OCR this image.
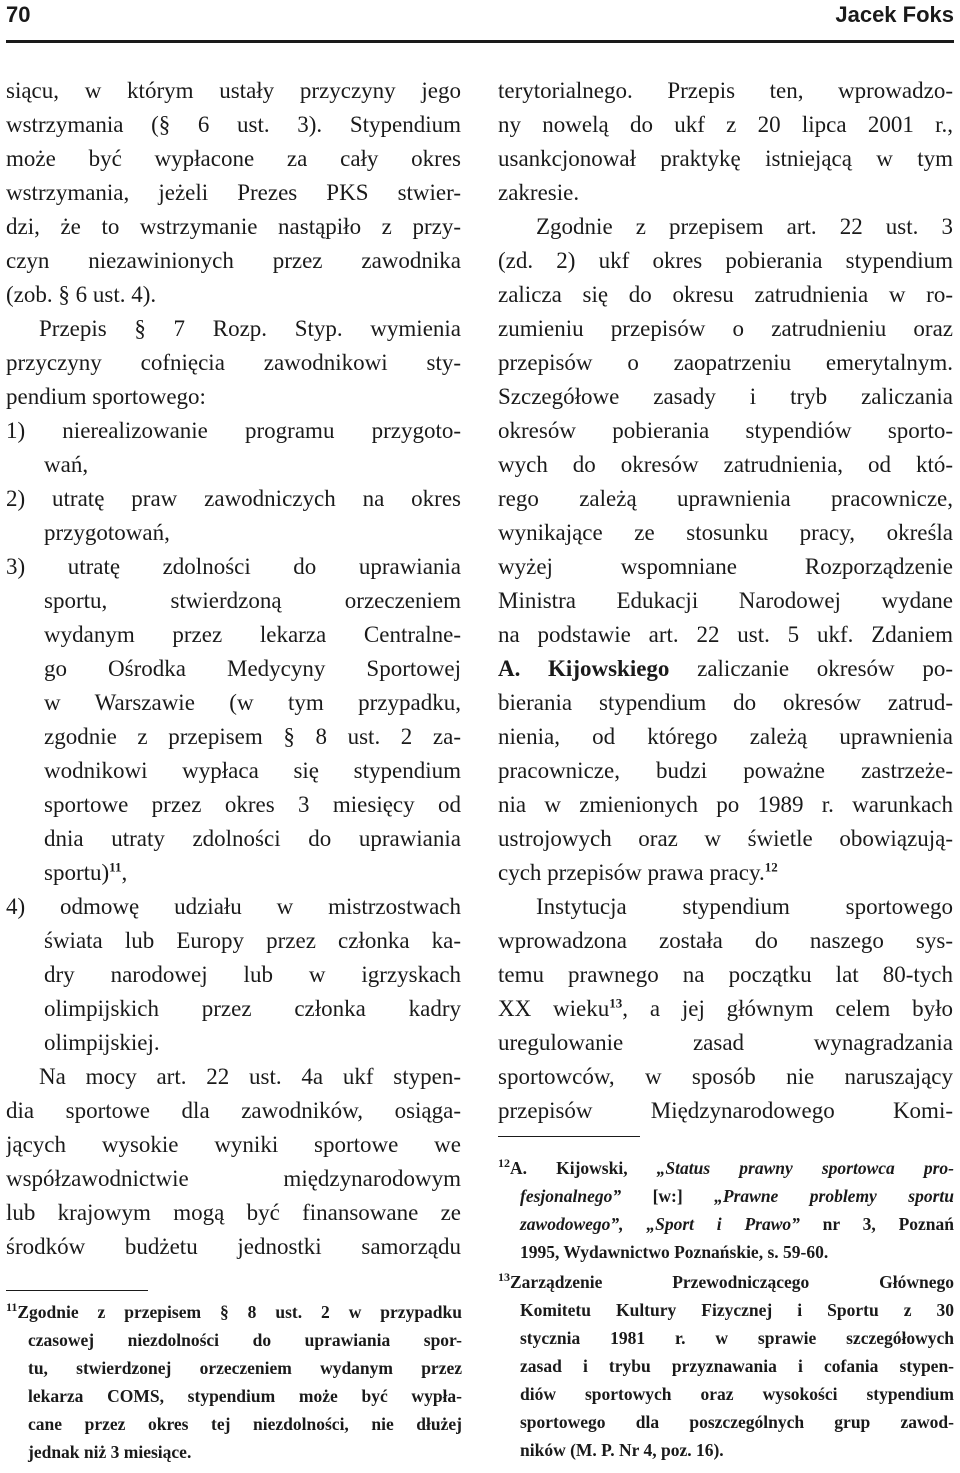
70	Jacek Foks
siącu, w którym ustały przyczyny jego
wstrzymania (§ 6 ust. 3). Stypendium
może być wypłacone za cały okres
wstrzymania, jeżeli Prezes PKS stwier-
dzi, że to wstrzymanie nastąpiło z przy-
czyn niezawinionych przez zawodnika
(zob. § 6 ust. 4).
Przepis § 7 Rozp. Styp. wymienia
przyczyny cofnięcia zawodnikowi sty-
pendium sportowego:
1) nierealizowanie programu przygoto-
wań,
2) utratę praw zawodniczych na okres
przygotowań,
3) utratę zdolności do uprawiania
sportu, stwierdzoną orzeczeniem
wydanym przez lekarza Centralne-
go Ośrodka Medycyny Sportowej
w Warszawie (w tym przypadku,
zgodnie z przepisem § 8 ust. 2 za-
wodnikowi wypłaca się stypendium
sportowe przez okres 3 miesięcy od
dnia utraty zdolności do uprawiania
sportu)$^{11}$,
4) odmowę udziału w mistrzostwach
świata lub Europy przez członka ka-
dry narodowej lub w igrzyskach
olimpijskich przez członka kadry
olimpijskiej.
Na mocy art. 22 ust. 4a ukf stypen-
dia sportowe dla zawodników, osiąga-
jących wysokie wyniki sportowe we
współzawodnictwie międzynarodowym
lub krajowym mogą być finansowane ze
środków budżetu jednostki samorządu
$^{11}$Zgodnie z przepisem § 8 ust. 2 w przypadku
czasowej niezdolności do uprawiania spor-
tu, stwierdzonej orzeczeniem wydanym przez
lekarza COMS, stypendium może być wypła-
cane przez okres tej niezdolności, nie dłużej
jednak niż 3 miesiące.
terytorialnego. Przepis ten, wprowadzo-
ny nowelą do ukf z 20 lipca 2001 r.,
usankcjonował praktykę istniejącą w tym
zakresie.
Zgodnie z przepisem art. 22 ust. 3
(zd. 2) ukf okres pobierania stypendium
zalicza się do okresu zatrudnienia w ro-
zumieniu przepisów o zatrudnieniu oraz
przepisów o zaopatrzeniu emerytalnym.
Szczegółowe zasady i tryb zaliczania
okresów pobierania stypendiów sporto-
wych do okresów zatrudnienia, od któ-
rego zależą uprawnienia pracownicze,
wynikające ze stosunku pracy, określa
wyżej wspomniane Rozporządzenie
Ministra Edukacji Narodowej wydane
na podstawie art. 22 ust. 5 ukf. Zdaniem
A. Kijowskiego zaliczanie okresów po-
bierania stypendium do okresów zatrud-
nienia, od którego zależą uprawnienia
pracownicze, budzi poważne zastrzeże-
nia w zmienionych po 1989 r. warunkach
ustrojowych oraz w świetle obowiązują-
cych przepisów prawa pracy.$^{12}$
Instytucja stypendium sportowego
wprowadzona została do naszego sys-
temu prawnego na początku lat 80-tych
XX wieku$^{13}$, a jej głównym celem było
uregulowanie zasad wynagradzania
sportowców, w sposób nie naruszający
przepisów Międzynarodowego Komi-
$^{12}$A. Kijowski, „Status prawny sportowca pro-
fesjonalnego” [w:] „Prawne problemy sportu
zawodowego”, „Sport i Prawo” nr 3, Poznań
1995, Wydawnictwo Poznańskie, s. 59-60.
$^{13}$Zarządzenie Przewodniczącego Głównego
Komitetu Kultury Fizycznej i Sportu z 30
stycznia 1981 r. w sprawie szczegółowych
zasad i trybu przyznawania i cofania stypen-
diów sportowych oraz wysokości stypendium
sportowego dla poszczególnych grup zawod-
ników (M. P. Nr 4, poz. 16).
